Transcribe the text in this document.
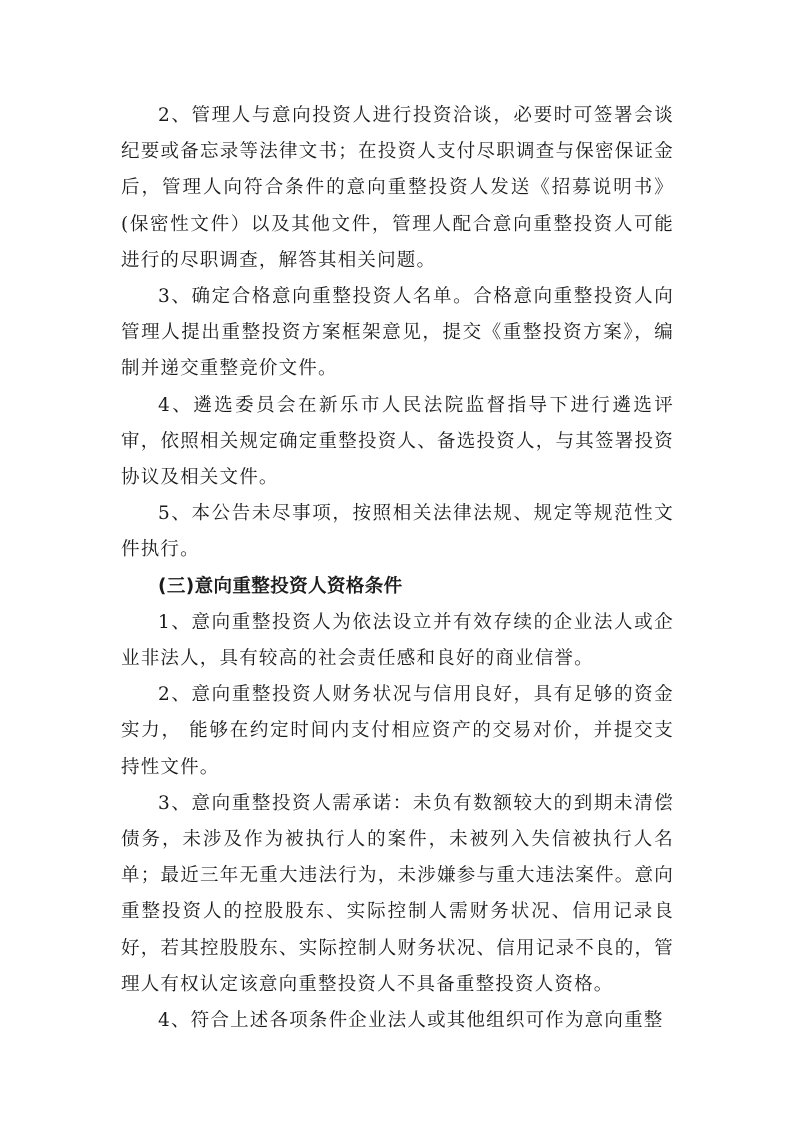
2、管理人与意向投资人进行投资洽谈，必要时可签署会谈纪要或备忘录等法律文书；在投资人支付尽职调查与保密保证金后，管理人向符合条件的意向重整投资人发送《招募说明书》(保密性文件）以及其他文件，管理人配合意向重整投资人可能进行的尽职调查，解答其相关问题。

3、确定合格意向重整投资人名单。合格意向重整投资人向管理人提出重整投资方案框架意见，提交《重整投资方案》，编制并递交重整竞价文件。

4、遴选委员会在新乐市人民法院监督指导下进行遴选评审，依照相关规定确定重整投资人、备选投资人，与其签署投资协议及相关文件。

5、本公告未尽事项，按照相关法律法规、规定等规范性文件执行。

(三)意向重整投资人资格条件

1、意向重整投资人为依法设立并有效存续的企业法人或企业非法人，具有较高的社会责任感和良好的商业信誉。

2、意向重整投资人财务状况与信用良好，具有足够的资金实力， 能够在约定时间内支付相应资产的交易对价，并提交支持性文件。

3、意向重整投资人需承诺：未负有数额较大的到期未清偿债务，未涉及作为被执行人的案件，未被列入失信被执行人名单；最近三年无重大违法行为，未涉嫌参与重大违法案件。意向重整投资人的控股股东、实际控制人需财务状况、信用记录良好，若其控股股东、实际控制人财务状况、信用记录不良的，管理人有权认定该意向重整投资人不具备重整投资人资格。

4、符合上述各项条件企业法人或其他组织可作为意向重整
